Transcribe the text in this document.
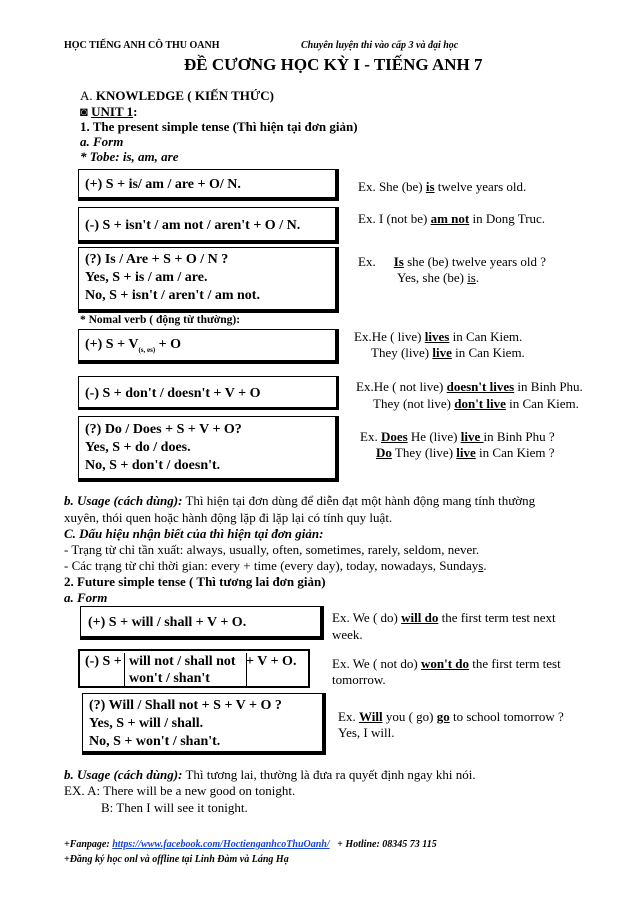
HỌC TIẾNG ANH CÔ THU OANH	Chuyên luyện thi vào cấp 3 và đại học
ĐỀ CƯƠNG HỌC KỲ I - TIẾNG ANH 7
A. KNOWLEDGE ( KIẾN THỨC)
◙ UNIT 1:
1. The present simple tense (Thì hiện tại đơn giản)
a. Form
* Tobe: is, am, are
(+) S + is/ am / are + O/ N.	Ex. She (be) is twelve years old.
(-) S + isn't / am not / aren't + O / N.	Ex. I (not be) am not in Dong Truc.
(?) Is / Are + S + O / N ?
Yes, S + is / am / are.
No, S + isn't / aren't / am not.
Ex. Is she (be) twelve years old ?
Yes, she (be) is.
* Nomal verb ( động từ thường):
(+) $S + V_{(s, es)} + O$
Ex.He ( live) lives in Can Kiem.
They (live) live in Can Kiem.
(-) S + don't / doesn't + V + O	Ex.He ( not live) doesn't lives in Binh Phu.
They (not live) don't live in Can Kiem.
(?) Do / Does + S + V + O?
Yes, S + do / does.
No, S + don't / doesn't.
Ex. Does He (live) live in Binh Phu ?
Do They (live) live in Can Kiem ?
b. Usage (cách dùng): Thì hiện tại đơn dùng để diễn đạt một hành động mang tính thường
xuyên, thói quen hoặc hành động lặp đi lặp lại có tính quy luật.
C. Dấu hiệu nhận biết của thì hiện tại đơn giản:
- Trạng từ chỉ tần xuất: always, usually, often, sometimes, rarely, seldom, never.
- Các trạng từ chỉ thời gian: every + time (every day), today, nowadays, Sundays.
2. Future simple tense ( Thì tương lai đơn giản)
a. Form
(+) S + will / shall + V + O.	Ex. We ( do) will do the first term test next
week.
(-) S + will not / shall not
won't / shan't
+ V + O.	Ex. We ( not do) won't do the first term test
tomorrow.
(?) Will / Shall not + S + V + O ?
Yes, S + will / shall.
No, S + won't / shan't.
Ex. Will you ( go) go to school tomorrow ?
Yes, I will.
b. Usage (cách dùng): Thì tương lai, thường là đưa ra quyết định ngay khi nói.
EX. A: There will be a new good on tonight.
B: Then I will see it tonight.
+Fanpage: https://www.facebook.com/HoctienganhcoThuOanh/   + Hotline: 08345 73 115
+Đăng ký học onl và offline tại Linh Đàm và Láng Hạ
